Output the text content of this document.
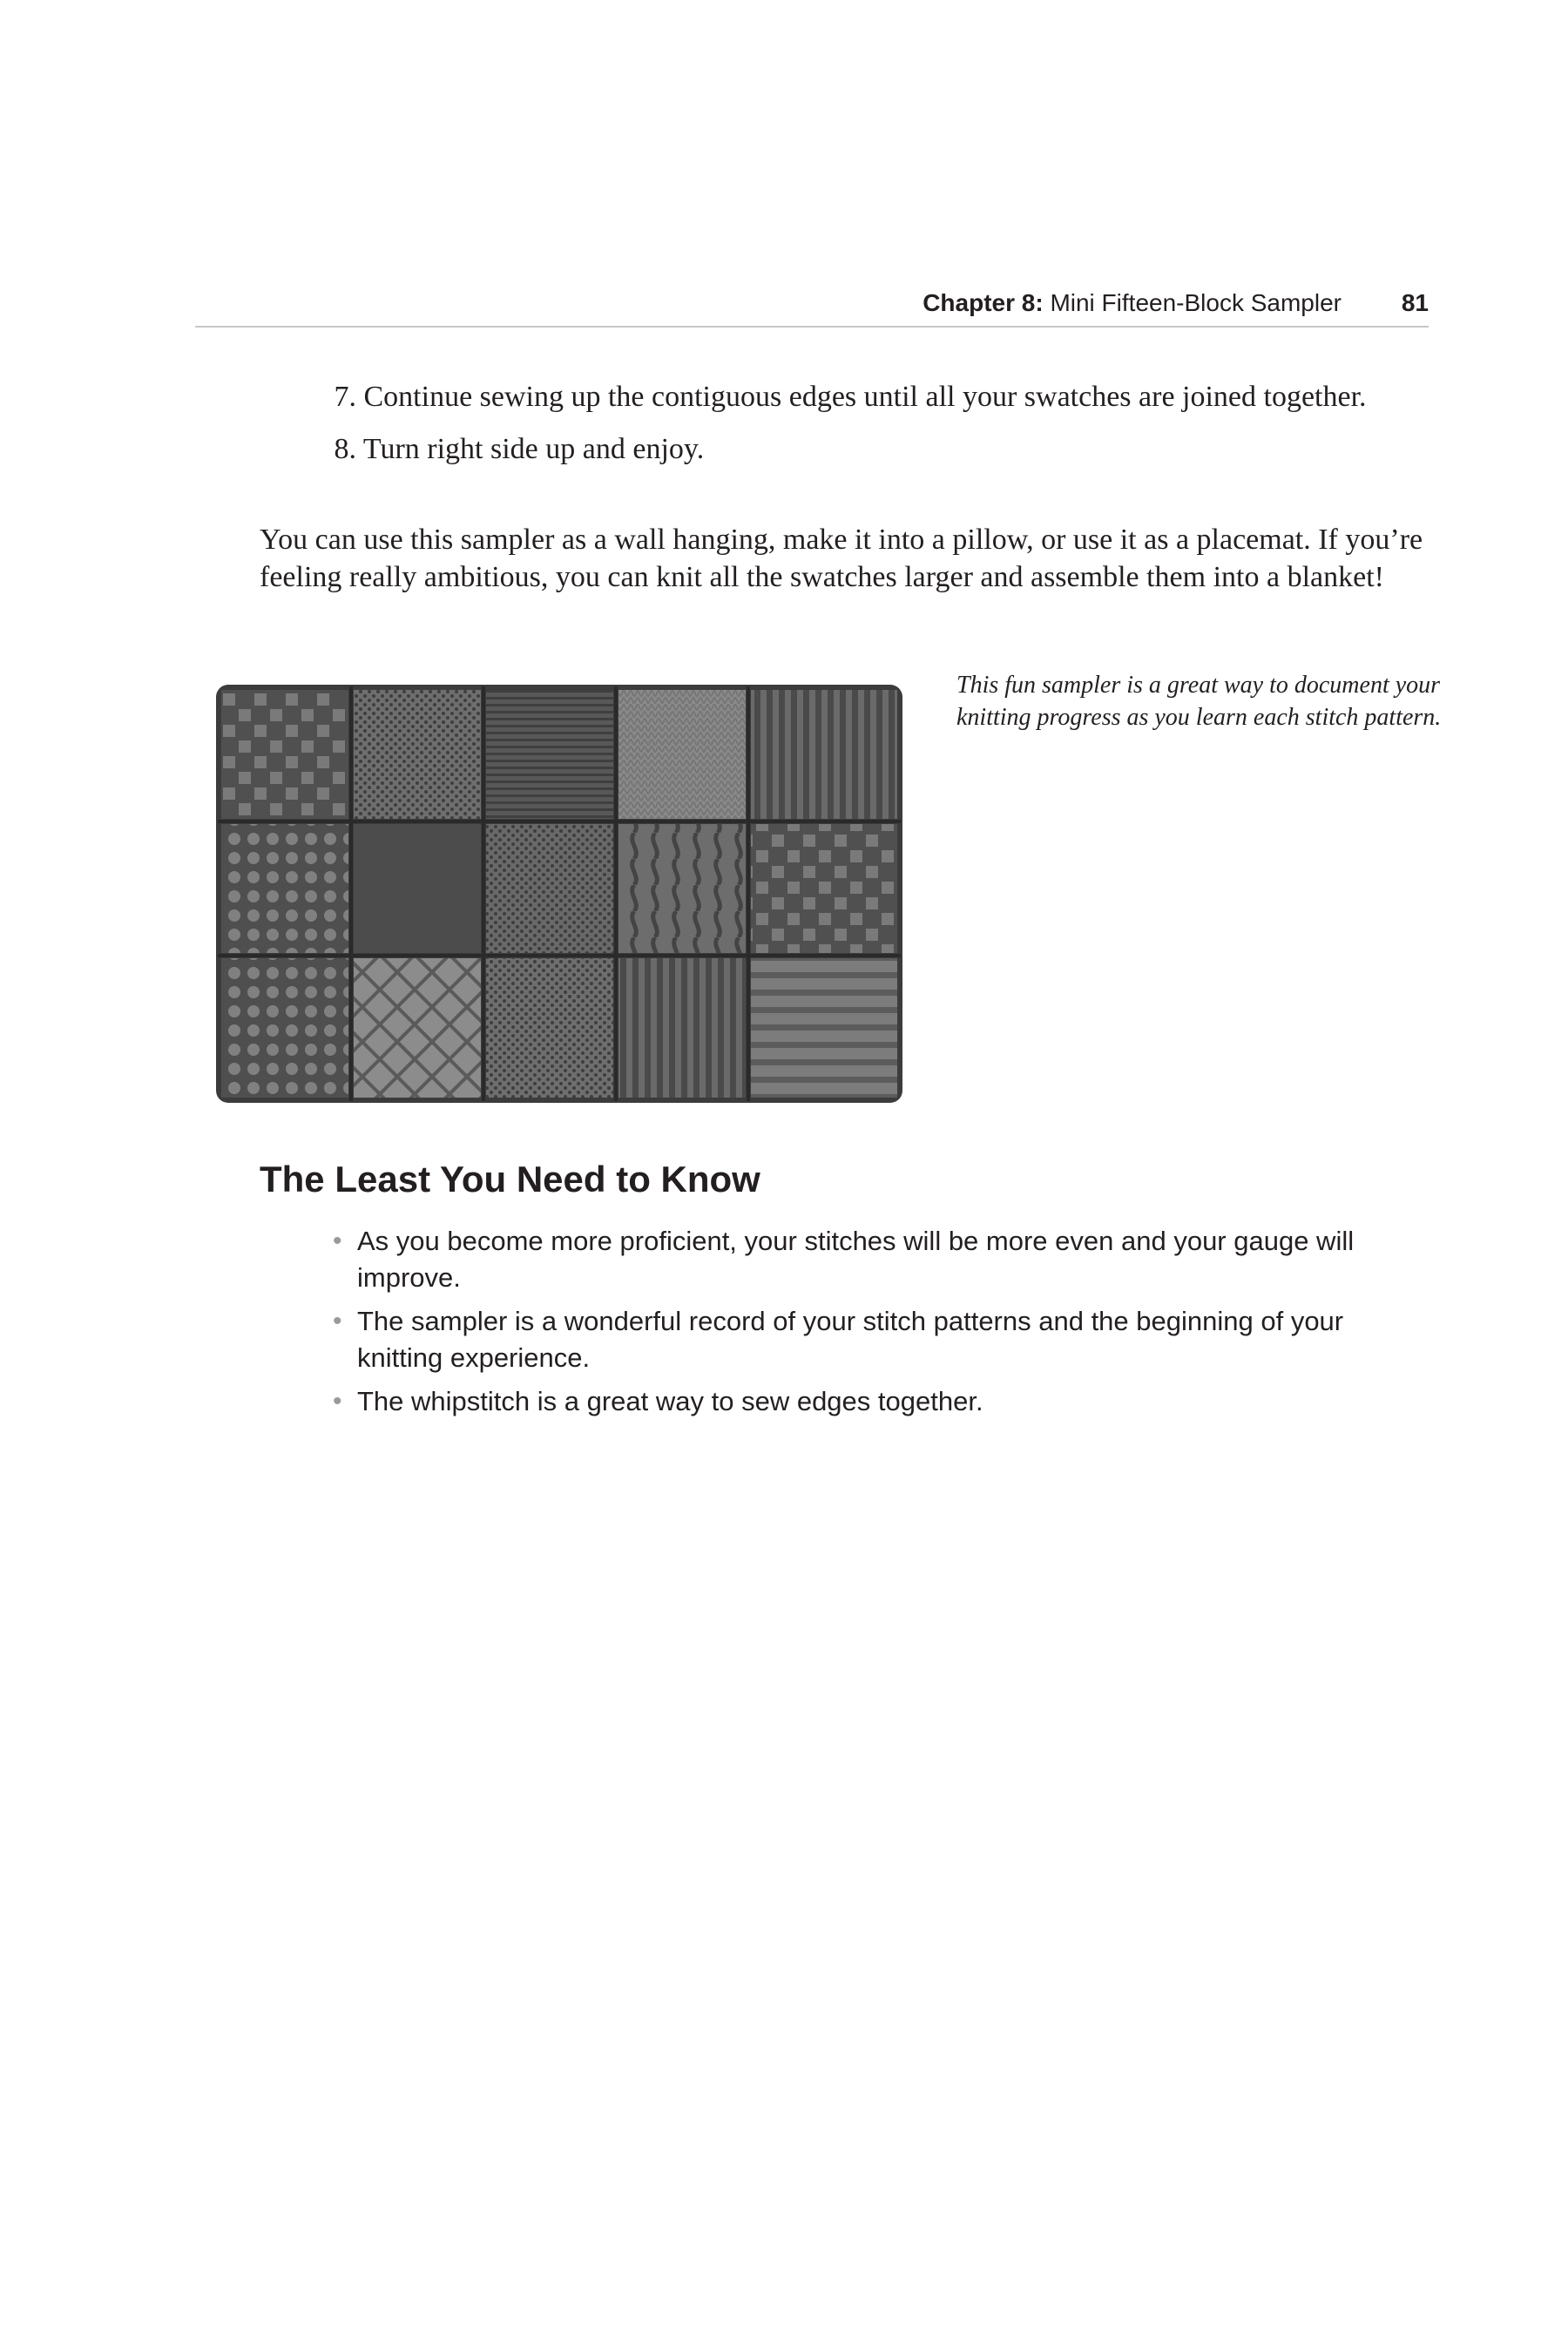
Chapter 8: Mini Fifteen-Block Sampler 81
7. Continue sewing up the contiguous edges until all your swatches are joined together.
8. Turn right side up and enjoy.

You can use this sampler as a wall hanging, make it into a pillow, or use it as a placemat. If you’re feeling really ambitious, you can knit all the swatches larger and assemble them into a blanket!

This fun sampler is a great way to document your knitting progress as you learn each stitch pattern.

The Least You Need to Know
• As you become more proficient, your stitches will be more even and your gauge will improve.
• The sampler is a wonderful record of your stitch patterns and the beginning of your knitting experience.
• The whipstitch is a great way to sew edges together.
